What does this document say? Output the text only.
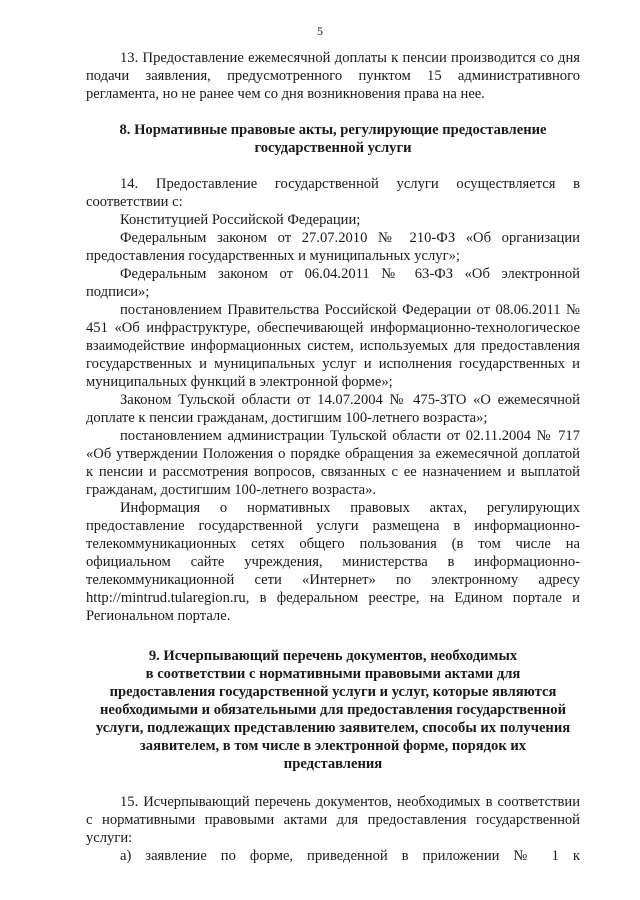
5

13. Предоставление ежемесячной доплаты к пенсии производится со дня подачи заявления, предусмотренного пунктом 15 административного регламента, но не ранее чем со дня возникновения права на нее.

8. Нормативные правовые акты, регулирующие предоставление
государственной услуги

14. Предоставление государственной услуги осуществляется в соответствии с:

Конституцией Российской Федерации;

Федеральным законом от 27.07.2010 № 210-ФЗ «Об организации предоставления государственных и муниципальных услуг»;

Федеральным законом от 06.04.2011 № 63-ФЗ «Об электронной подписи»;

постановлением Правительства Российской Федерации от 08.06.2011 № 451 «Об инфраструктуре, обеспечивающей информационно-технологическое взаимодействие информационных систем, используемых для предоставления государственных и муниципальных услуг и исполнения государственных и муниципальных функций в электронной форме»;

Законом Тульской области от 14.07.2004 № 475-ЗТО «О ежемесячной доплате к пенсии гражданам, достигшим 100-летнего возраста»;

постановлением администрации Тульской области от 02.11.2004 № 717 «Об утверждении Положения о порядке обращения за ежемесячной доплатой к пенсии и рассмотрения вопросов, связанных с ее назначением и выплатой гражданам, достигшим 100-летнего возраста».

Информация о нормативных правовых актах, регулирующих предоставление государственной услуги размещена в информационно-телекоммуникационных сетях общего пользования (в том числе на официальном сайте учреждения, министерства в информационно-телекоммуникационной сети «Интернет» по электронному адресу http://mintrud.tularegion.ru, в федеральном реестре, на Едином портале и Региональном портале.

9. Исчерпывающий перечень документов, необходимых
в соответствии с нормативными правовыми актами для
предоставления государственной услуги и услуг, которые являются
необходимыми и обязательными для предоставления государственной
услуги, подлежащих представлению заявителем, способы их получения
заявителем, в том числе в электронной форме, порядок их
представления

15. Исчерпывающий перечень документов, необходимых в соответствии с нормативными правовыми актами для предоставления государственной услуги:

а) заявление по форме, приведенной в приложении № 1 к
